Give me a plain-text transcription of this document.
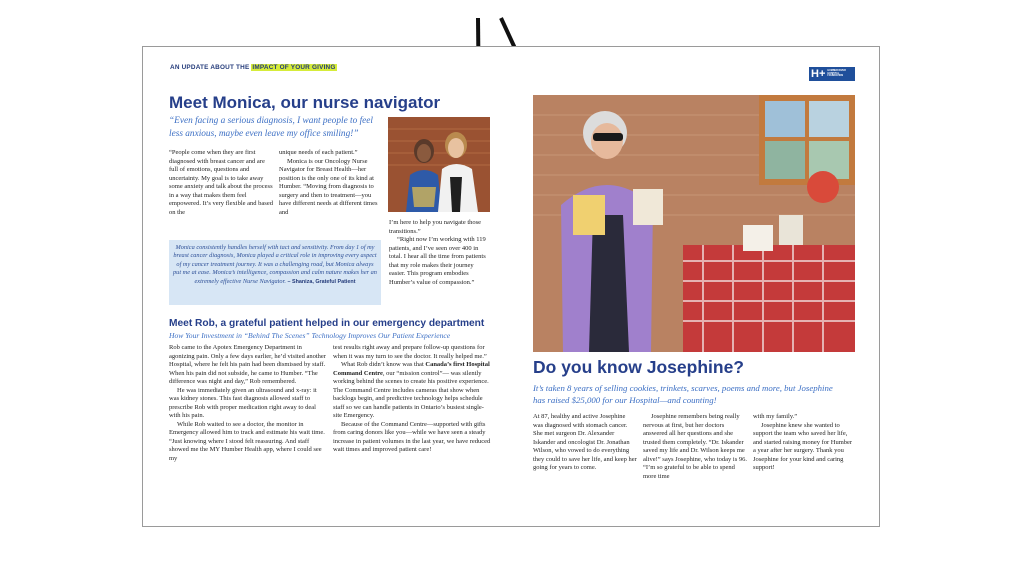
AN UPDATE ABOUT THE IMPACT OF YOUR GIVING	H+ HUMBER RIVER HOSPITAL FOUNDATION
Meet Monica, our nurse navigator
“Even facing a serious diagnosis, I want people to feel less anxious, maybe even leave my office smiling!”

“People come when they are first diagnosed with breast cancer and are full of emotions, questions and uncertainty. My goal is to take away some anxiety and talk about the process in a way that makes them feel empowered. It’s very flexible and based on the

unique needs of each patient.”

Monica is our Oncology Nurse Navigator for Breast Health—her position is the only one of its kind at Humber. “Moving from diagnosis to surgery and then to treatment—you have different needs at different times and

I’m here to help you navigate those transitions.”

“Right now I’m working with 119 patients, and I’ve seen over 400 in total. I hear all the time from patients that my role makes their journey easier. This program embodies Humber’s value of compassion.”

Monica consistently handles herself with tact and sensitivity. From day 1 of my breast cancer diagnosis, Monica played a critical role in improving every aspect of my cancer treatment journey. It was a challenging road, but Monica always put me at ease. Monica’s intelligence, compassion and calm nature makes her an extremely effective Nurse Navigator. – Shaniza, Grateful Patient
Meet Rob, a grateful patient helped in our emergency department
How Your Investment in “Behind The Scenes” Technology Improves Our Patient Experience

Rob came to the Apotex Emergency Department in agonizing pain. Only a few days earlier, he’d visited another Hospital, where he felt his pain had been dismissed by staff. When his pain did not subside, he came to Humber. “The difference was night and day,” Rob remembered.

He was immediately given an ultrasound and x-ray: it was kidney stones. This fast diagnosis allowed staff to prescribe Rob with proper medication right away to deal with his pain.

While Rob waited to see a doctor, the monitor in Emergency allowed him to track and estimate his wait time. “Just knowing where I stood felt reassuring. And staff showed me the MY Humber Health app, where I could see my

test results right away and prepare follow-up questions for when it was my turn to see the doctor. It really helped me.”

What Rob didn’t know was that Canada’s first Hospital Command Centre, our “mission control”— was silently working behind the scenes to create his positive experience. The Command Centre includes cameras that show when backlogs begin, and predictive technology helps schedule staff so we can handle patients in Ontario’s busiest single-site Emergency.

Because of the Command Centre—supported with gifts from caring donors like you—while we have seen a steady increase in patient volumes in the last year, we have reduced wait times and improved patient care!

Do you know Josephine?
It’s taken 8 years of selling cookies, trinkets, scarves, poems and more, but Josephine has raised $25,000 for our Hospital—and counting!

At 87, healthy and active Josephine was diagnosed with stomach cancer. She met surgeon Dr. Alexander Iskander and oncologist Dr. Jonathan Wilson, who vowed to do everything they could to save her life, and keep her going for years to come.

Josephine remembers being really nervous at first, but her doctors answered all her questions and she trusted them completely. “Dr. Iskander saved my life and Dr. Wilson keeps me alive!” says Josephine, who today is 96. “I’m so grateful to be able to spend more time

with my family.”

Josephine knew she wanted to support the team who saved her life, and started raising money for Humber a year after her surgery. Thank you Josephine for your kind and caring support!
